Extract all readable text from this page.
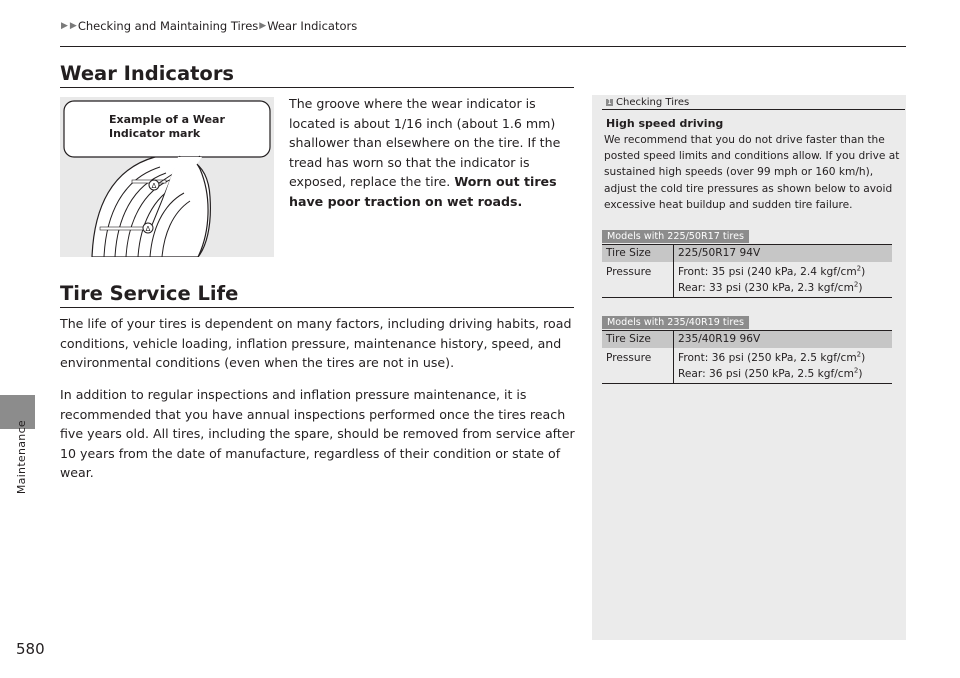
▶ ▶ Checking and Maintaining Tires ▶ Wear Indicators
Maintenance
580
Wear Indicators
∆
∆
Example of a Wear Indicator mark
The groove where the wear indicator is located is about 1/16 inch (about 1.6 mm) shallower than elsewhere on the tire. If the tread has worn so that the indicator is exposed, replace the tire. Worn out tires have poor traction on wet roads.
Tire Service Life
The life of your tires is dependent on many factors, including driving habits, road conditions, vehicle loading, inflation pressure, maintenance history, speed, and environmental conditions (even when the tires are not in use).
In addition to regular inspections and inflation pressure maintenance, it is recommended that you have annual inspections performed once the tires reach five years old. All tires, including the spare, should be removed from service after 10 years from the date of manufacture, regardless of their condition or state of wear.
1 Checking Tires
High speed driving
We recommend that you do not drive faster than the posted speed limits and conditions allow. If you drive at sustained high speeds (over 99 mph or 160 km/h), adjust the cold tire pressures as shown below to avoid excessive heat buildup and sudden tire failure.
Models with 225/50R17 tires
Tire Size	225/50R17 94V
Pressure	Front: 35 psi (240 kPa, 2.4 kgf/$cm^2$)
Rear: 33 psi (230 kPa, 2.3 kgf/$cm^2$)
Models with 235/40R19 tires
Tire Size	235/40R19 96V
Pressure	Front: 36 psi (250 kPa, 2.5 kgf/$cm^2$)
Rear: 36 psi (250 kPa, 2.5 kgf/$cm^2$)
